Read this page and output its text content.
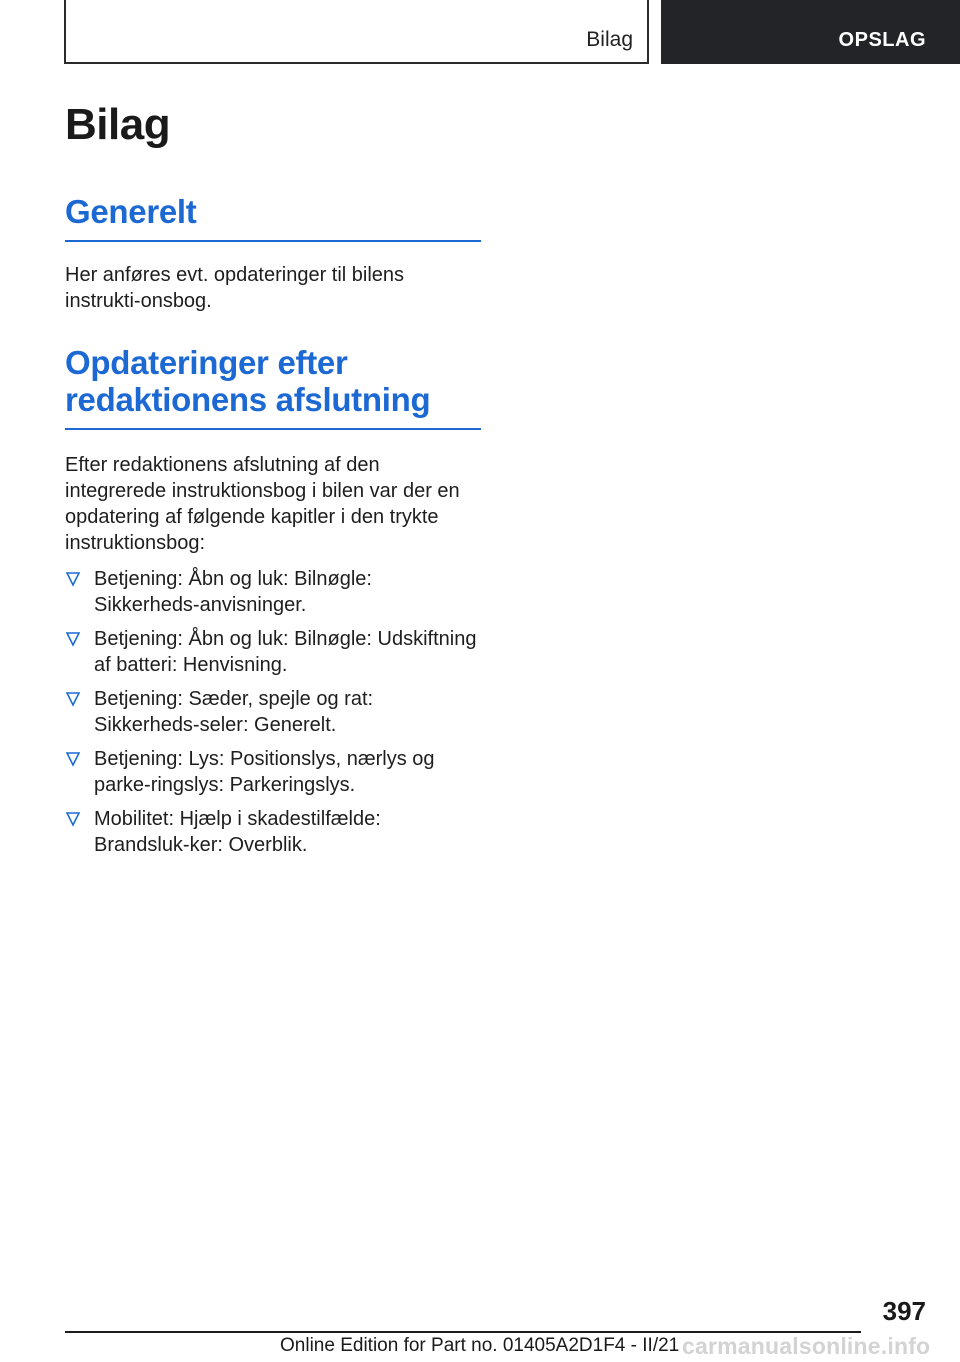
Bilag	OPSLAG
Bilag
Generelt

Her anføres evt. opdateringer til bilens instrukti-onsbog.

Opdateringer efter
redaktionens afslutning

Efter redaktionens afslutning af den integrerede instruktionsbog i bilen var der en opdatering af følgende kapitler i den trykte instruktionsbog:

Betjening: Åbn og luk: Bilnøgle: Sikkerheds-anvisninger.
Betjening: Åbn og luk: Bilnøgle: Udskiftning af batteri: Henvisning.
Betjening: Sæder, spejle og rat: Sikkerheds-seler: Generelt.
Betjening: Lys: Positionslys, nærlys og parke-ringslys: Parkeringslys.
Mobilitet: Hjælp i skadestilfælde: Brandsluk-ker: Overblik.
397
Online Edition for Part no. 01405A2D1F4 - II/21 carmanualsonline.info
